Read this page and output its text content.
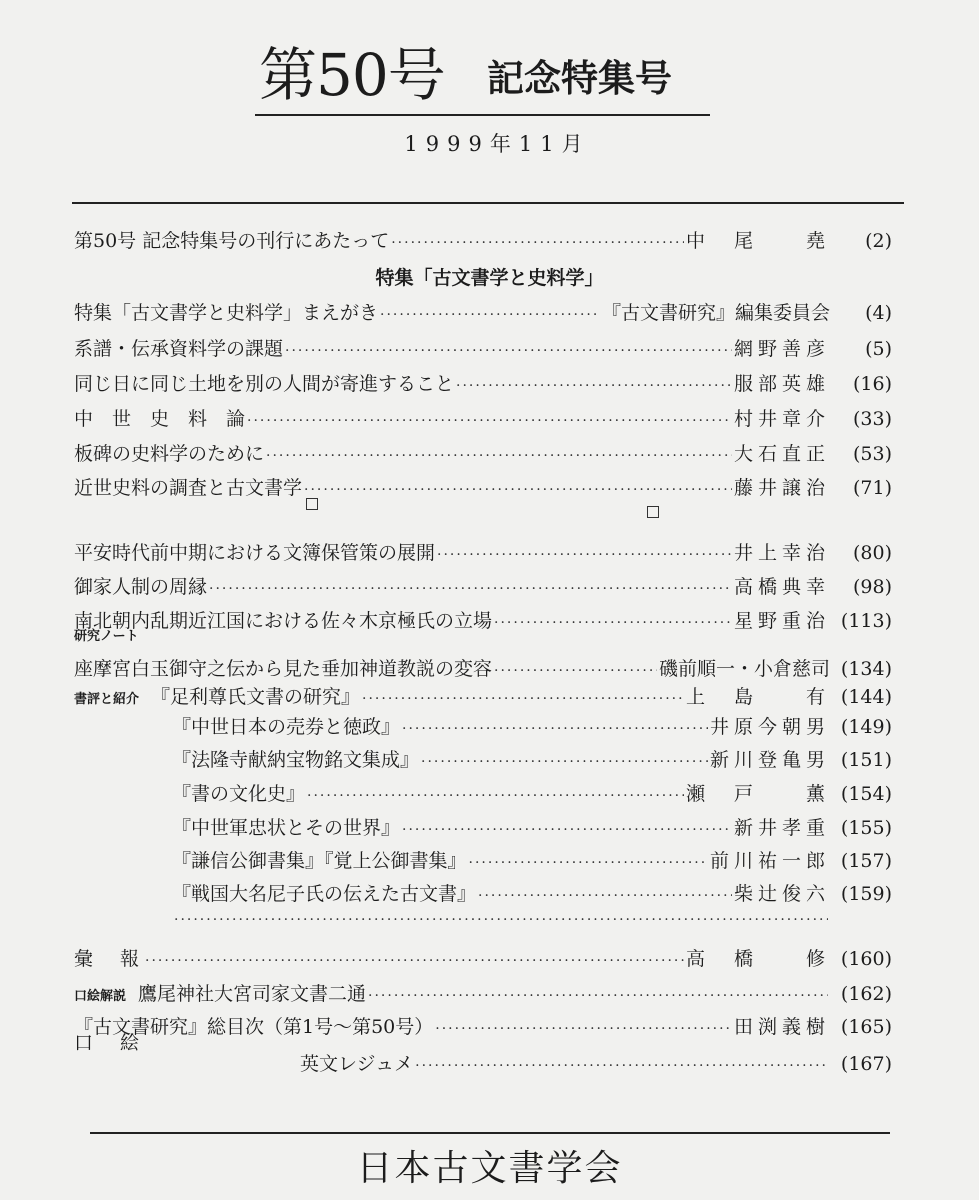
第50号 記念特集号
1999年11月
第50号 記念特集号の刊行にあたって ·····	中　尾　　堯	(2)
特集「古文書学と史料学」
特集「古文書学と史料学」まえがき ·····	『古文書研究』編集委員会	(4)
系譜・伝承資料学の課題 ·····	網野善彦	(5)
同じ日に同じ土地を別の人間が寄進すること ·····	服部英雄	(16)
中　世　史　料　論 ·····	村井章介	(33)
板碑の史料学のために ·····	大石直正	(53)
近世史料の調査と古文書学 ·····	藤井譲治	(71)
平安時代前中期における文簿保管策の展開 ·····	井上幸治	(80)
御家人制の周縁 ·····	高橋典幸	(98)
南北朝内乱期近江国における佐々木京極氏の立場 ·····	星野重治 (113)
研究ノート
座摩宮白玉御守之伝から見た垂加神道教説の変容 ·····	磯前順一・小倉慈司 (134)
書評と紹介 『足利尊氏文書の研究』 ·····	上　島　　有 (144)
『中世日本の売券と徳政』 ·····	井原今朝男 (149)
『法隆寺献納宝物銘文集成』 ·····	新川登亀男 (151)
『書の文化史』 ·····	瀬　戸　　薫 (154)
『中世軍忠状とその世界』 ·····	新井孝重 (155)
『謙信公御書集』『覚上公御書集』 ·····	前川祐一郎 (157)
『戦国大名尼子氏の伝えた古文書』 ·····	柴辻俊六 (159)
·····
彙　報 ·····	高　橋　　修 (160)
口絵解説 鷹尾神社大宮司家文書二通 ·····	(162)
『古文書研究』総目次（第1号～第50号） ·····	田渕義樹 (165)
口　絵
英文レジュメ ·····	(167)
日本古文書学会
